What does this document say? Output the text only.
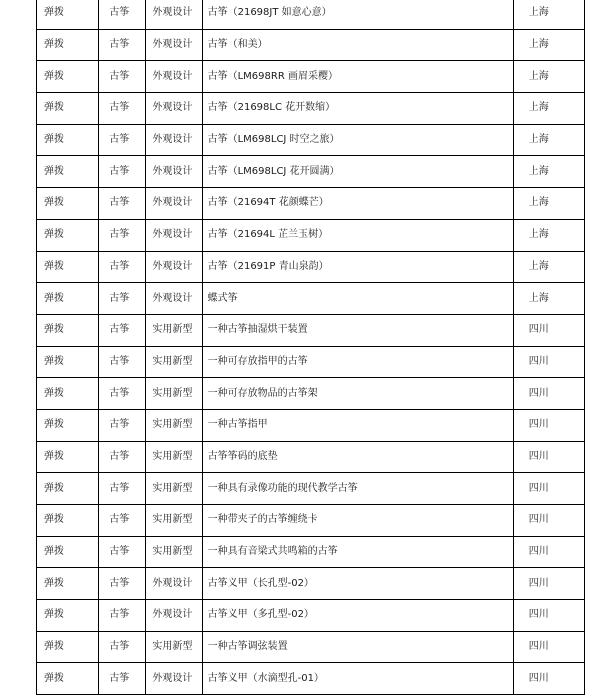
弹拨	古筝	外观设计	古筝（21698JT 如意心意）	上海
弹拨	古筝	外观设计	古筝（和美）	上海
弹拨	古筝	外观设计	古筝（LM698RR 画眉采樱）	上海
弹拨	古筝	外观设计	古筝（21698LC 花开数缩）	上海
弹拨	古筝	外观设计	古筝（LM698LCJ 时空之旅）	上海
弹拨	古筝	外观设计	古筝（LM698LCJ 花开圆满）	上海
弹拨	古筝	外观设计	古筝（21694T 花颜蝶芒）	上海
弹拨	古筝	外观设计	古筝（21694L 芷兰玉树）	上海
弹拨	古筝	外观设计	古筝（21691P 青山泉韵）	上海
弹拨	古筝	外观设计	蝶式筝	上海
弹拨	古筝	实用新型	一种古筝抽湿烘干装置	四川
弹拨	古筝	实用新型	一种可存放指甲的古筝	四川
弹拨	古筝	实用新型	一种可存放物品的古筝架	四川
弹拨	古筝	实用新型	一种古筝指甲	四川
弹拨	古筝	实用新型	古筝筝码的底垫	四川
弹拨	古筝	实用新型	一种具有录像功能的现代教学古筝	四川
弹拨	古筝	实用新型	一种带夹子的古筝缠绕卡	四川
弹拨	古筝	实用新型	一种具有音梁式共鸣箱的古筝	四川
弹拨	古筝	外观设计	古筝义甲（长孔型-02）	四川
弹拨	古筝	外观设计	古筝义甲（多孔型-02）	四川
弹拨	古筝	实用新型	一种古筝调弦装置	四川
弹拨	古筝	外观设计	古筝义甲（水滴型孔-01）	四川
